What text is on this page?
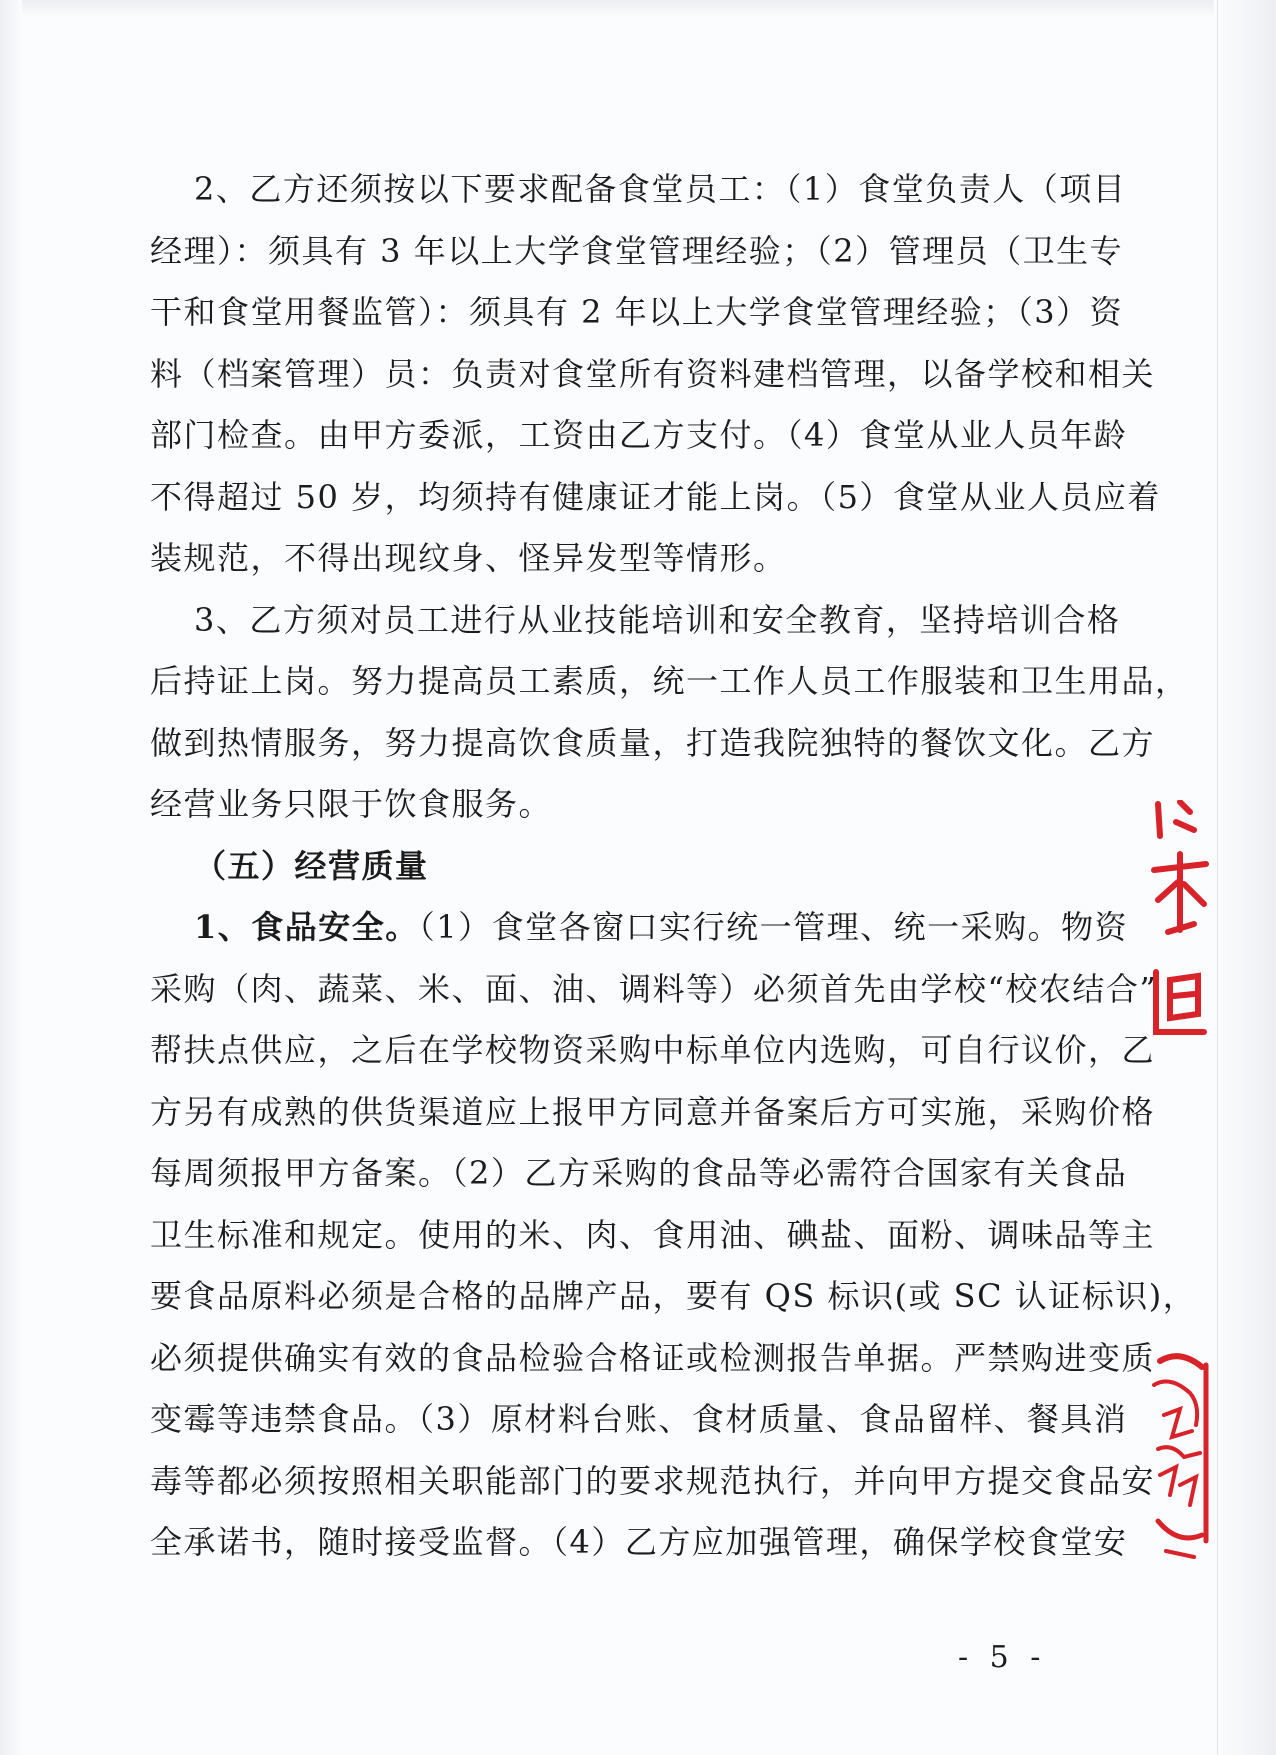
2、乙方还须按以下要求配备食堂员工：（1）食堂负责人（项目
经理）：须具有 3 年以上大学食堂管理经验；（2）管理员（卫生专
干和食堂用餐监管）：须具有 2 年以上大学食堂管理经验；（3）资
料（档案管理）员：负责对食堂所有资料建档管理，以备学校和相关
部门检查。由甲方委派，工资由乙方支付。（4）食堂从业人员年龄
不得超过 50 岁，均须持有健康证才能上岗。（5）食堂从业人员应着
装规范，不得出现纹身、怪异发型等情形。
3、乙方须对员工进行从业技能培训和安全教育，坚持培训合格
后持证上岗。努力提高员工素质，统一工作人员工作服装和卫生用品，
做到热情服务，努力提高饮食质量，打造我院独特的餐饮文化。乙方
经营业务只限于饮食服务。
（五）经营质量
1、食品安全。（1）食堂各窗口实行统一管理、统一采购。物资
采购（肉、蔬菜、米、面、油、调料等）必须首先由学校“校农结合”
帮扶点供应，之后在学校物资采购中标单位内选购，可自行议价，乙
方另有成熟的供货渠道应上报甲方同意并备案后方可实施，采购价格
每周须报甲方备案。（2）乙方采购的食品等必需符合国家有关食品
卫生标准和规定。使用的米、肉、食用油、碘盐、面粉、调味品等主
要食品原料必须是合格的品牌产品，要有 QS 标识(或 SC 认证标识)，
必须提供确实有效的食品检验合格证或检测报告单据。严禁购进变质
变霉等违禁食品。（3）原材料台账、食材质量、食品留样、餐具消
毒等都必须按照相关职能部门的要求规范执行，并向甲方提交食品安
全承诺书，随时接受监督。（4）乙方应加强管理，确保学校食堂安
- 5 -
